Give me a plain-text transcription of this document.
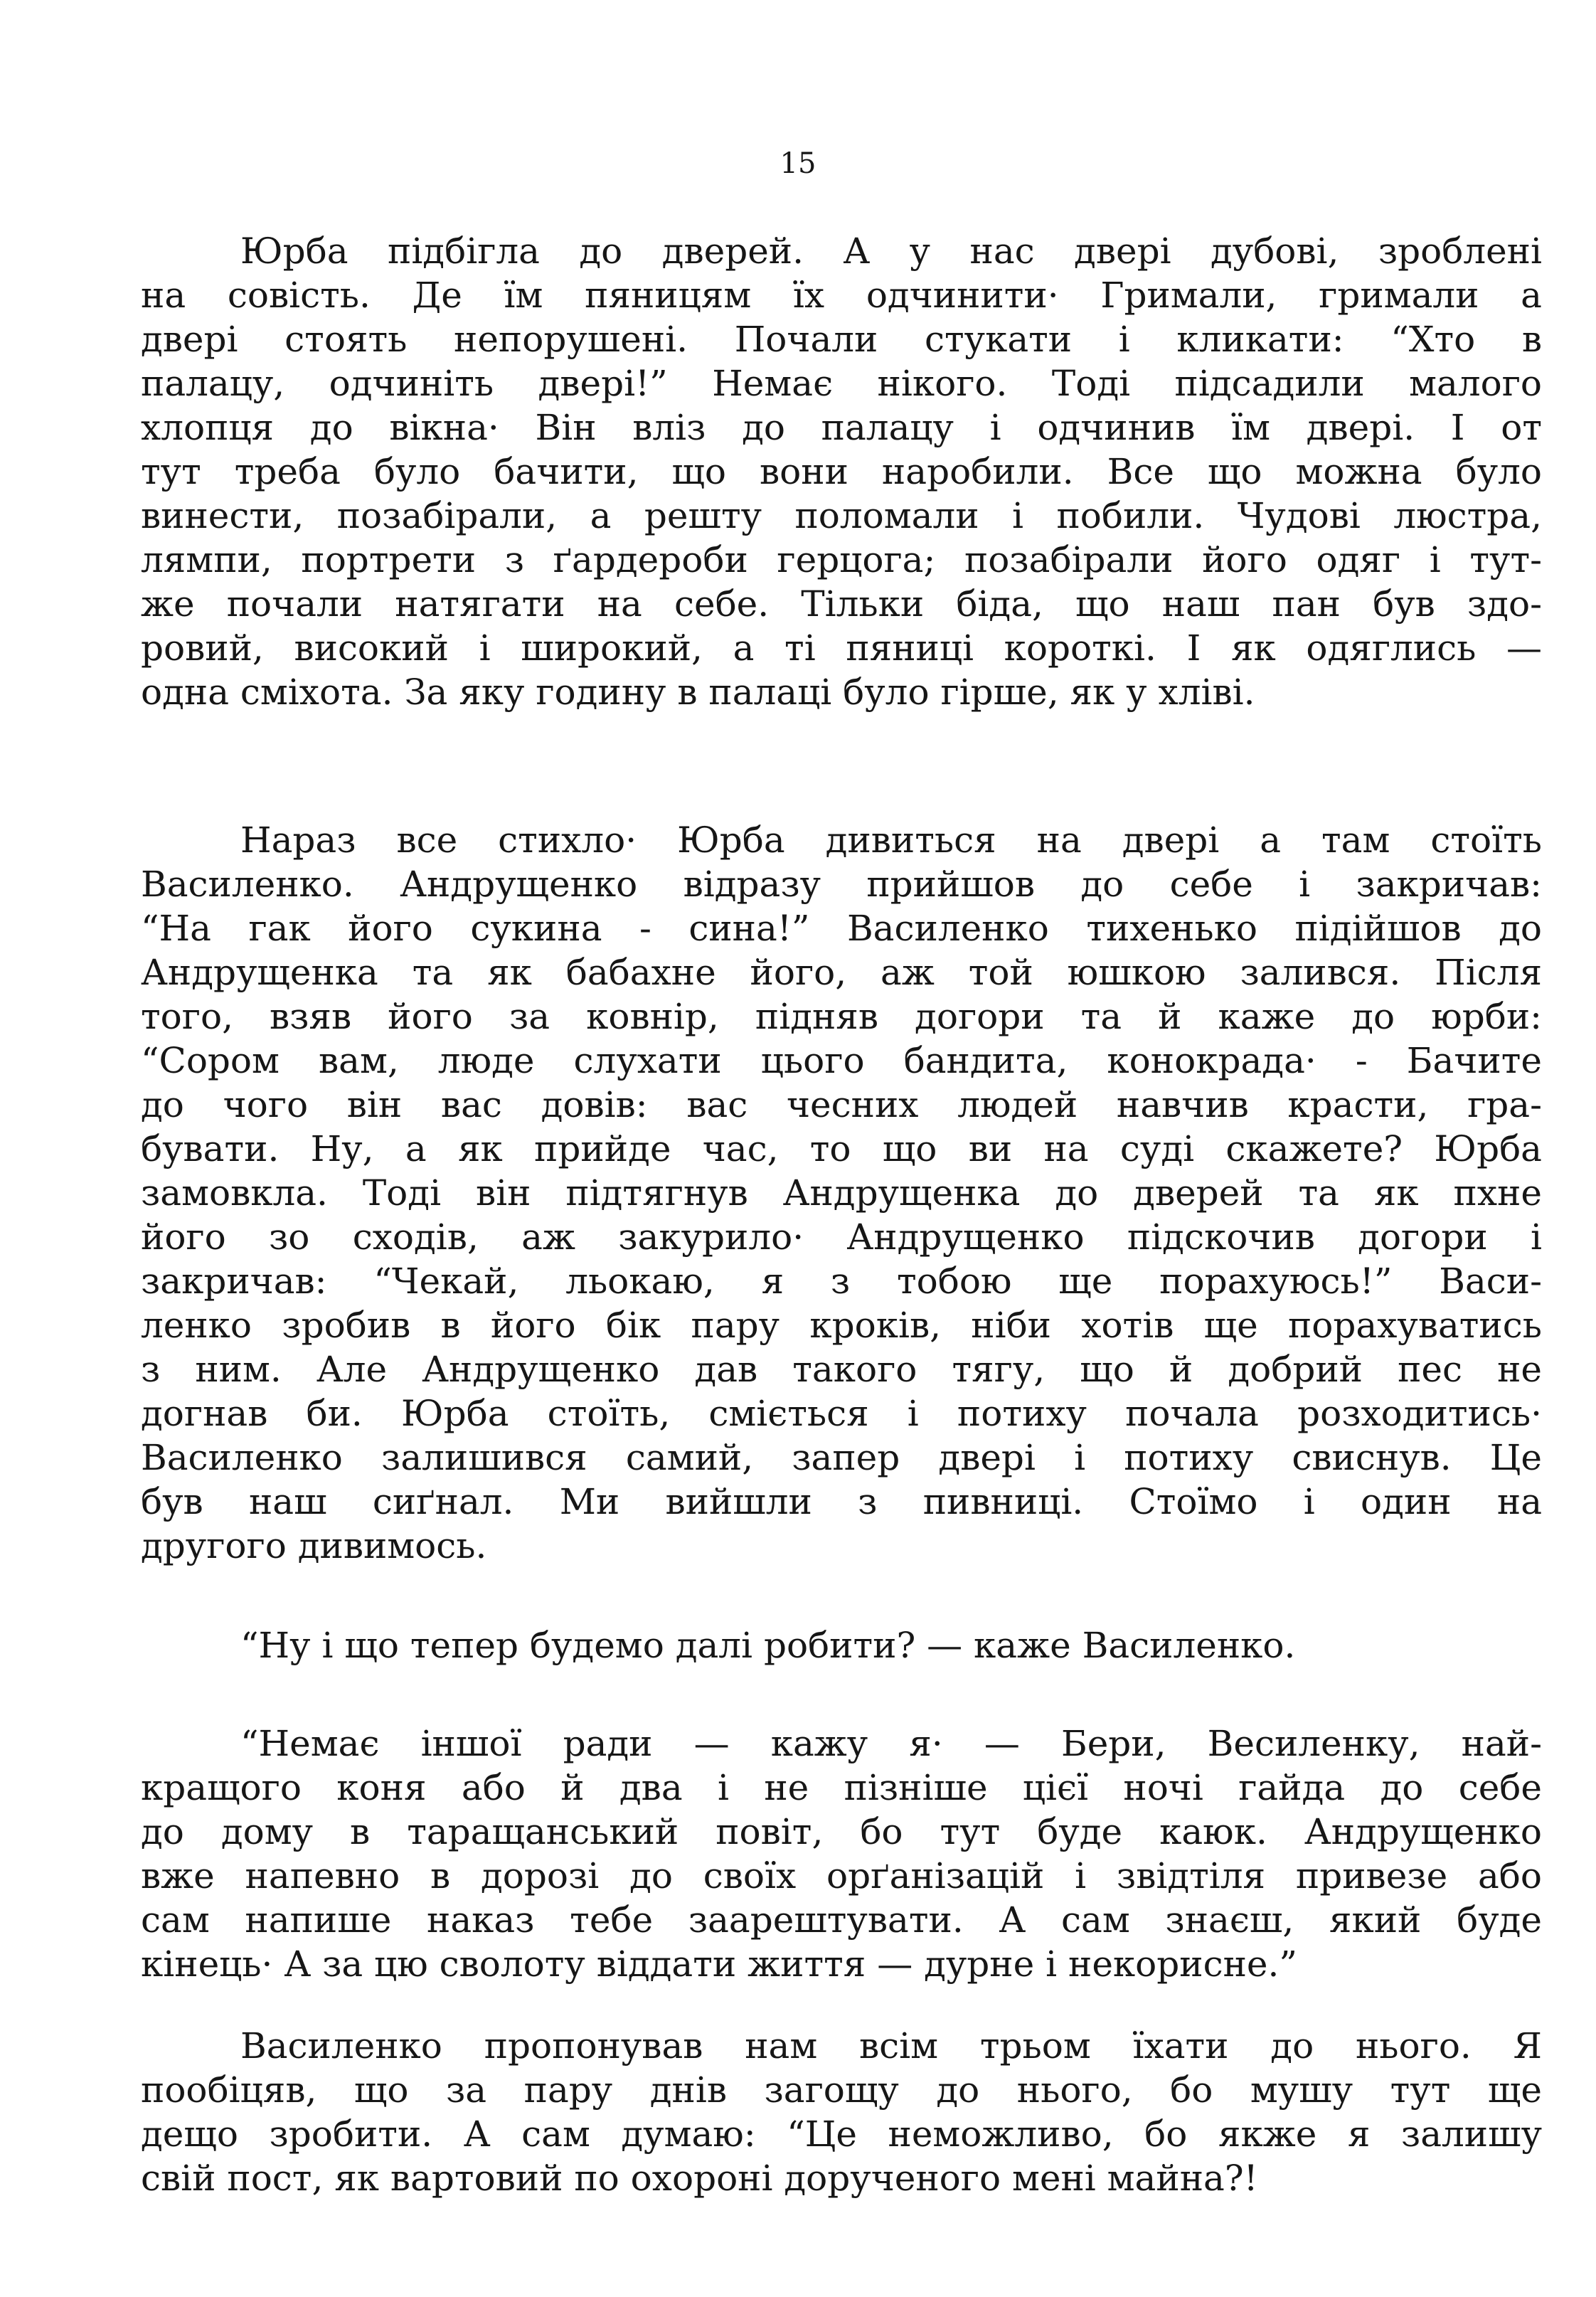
15
Юрба підбігла до дверей. А у нас двері дубові, зроблені
на совість. Де їм пяницям їх одчинити· Гримали, гримали а
двері стоять непорушені. Почали стукати і кликати: “Хто в
палацу, одчиніть двері!” Немає нікого. Тоді підсадили малого
хлопця до вікна· Він вліз до палацу і одчинив їм двері. І от
тут треба було бачити, що вони наробили. Все що можна було
винести, позабірали, а решту поломали і побили. Чудові люстра,
лямпи, портрети з ґардероби герцога; позабірали його одяг і тут-
же почали натягати на себе. Тільки біда, що наш пан був здо-
ровий, високий і широкий, а ті пяниці короткі. І як одяглись —
одна сміхота. За яку годину в палаці було гірше, як у хліві.
Нараз все стихло· Юрба дивиться на двері а там стоїть
Василенко. Андрущенко відразу прийшов до себе і закричав:
“На гак його сукина - сина!” Василенко тихенько підійшов до
Андрущенка та як бабахне його, аж той юшкою залився. Після
того, взяв його за ковнір, підняв догори та й каже до юрби:
“Сором вам, люде слухати цього бандита, конокрада· - Бачите
до чого він вас довів: вас чесних людей навчив красти, гра-
бувати. Ну, а як прийде час, то що ви на суді скажете? Юрба
замовкла. Тоді він підтягнув Андрущенка до дверей та як пхне
його зо сходів, аж закурило· Андрущенко підскочив догори і
закричав: “Чекай, льокаю, я з тобою ще порахуюсь!” Васи-
ленко зробив в його бік пару кроків, ніби хотів ще порахуватись
з ним. Але Андрущенко дав такого тягу, що й добрий пес не
догнав би. Юрба стоїть, сміється і потиху почала розходитись·
Василенко залишився самий, запер двері і потиху свиснув. Це
був наш сиґнал. Ми вийшли з пивниці. Стоїмо і один на
другого дивимось.
“Ну і що тепер будемо далі робити? — каже Василенко.
“Немає іншої ради — кажу я· — Бери, Весиленку, най-
кращого коня або й два і не пізніше цієї ночі гайда до себе
до дому в таращанський повіт, бо тут буде каюк. Андрущенко
вже напевно в дорозі до своїх орґанізацій і звідтіля привезе або
сам напише наказ тебе заарештувати. А сам знаєш, який буде
кінець· А за цю сволоту віддати життя — дурне і некорисне.”
Василенко пропонував нам всім трьом їхати до нього. Я
пообіцяв, що за пару днів загощу до нього, бо мушу тут ще
дещо зробити. А сам думаю: “Це неможливо, бо якже я залишу
свій пост, як вартовий по охороні дорученого мені майна?!
